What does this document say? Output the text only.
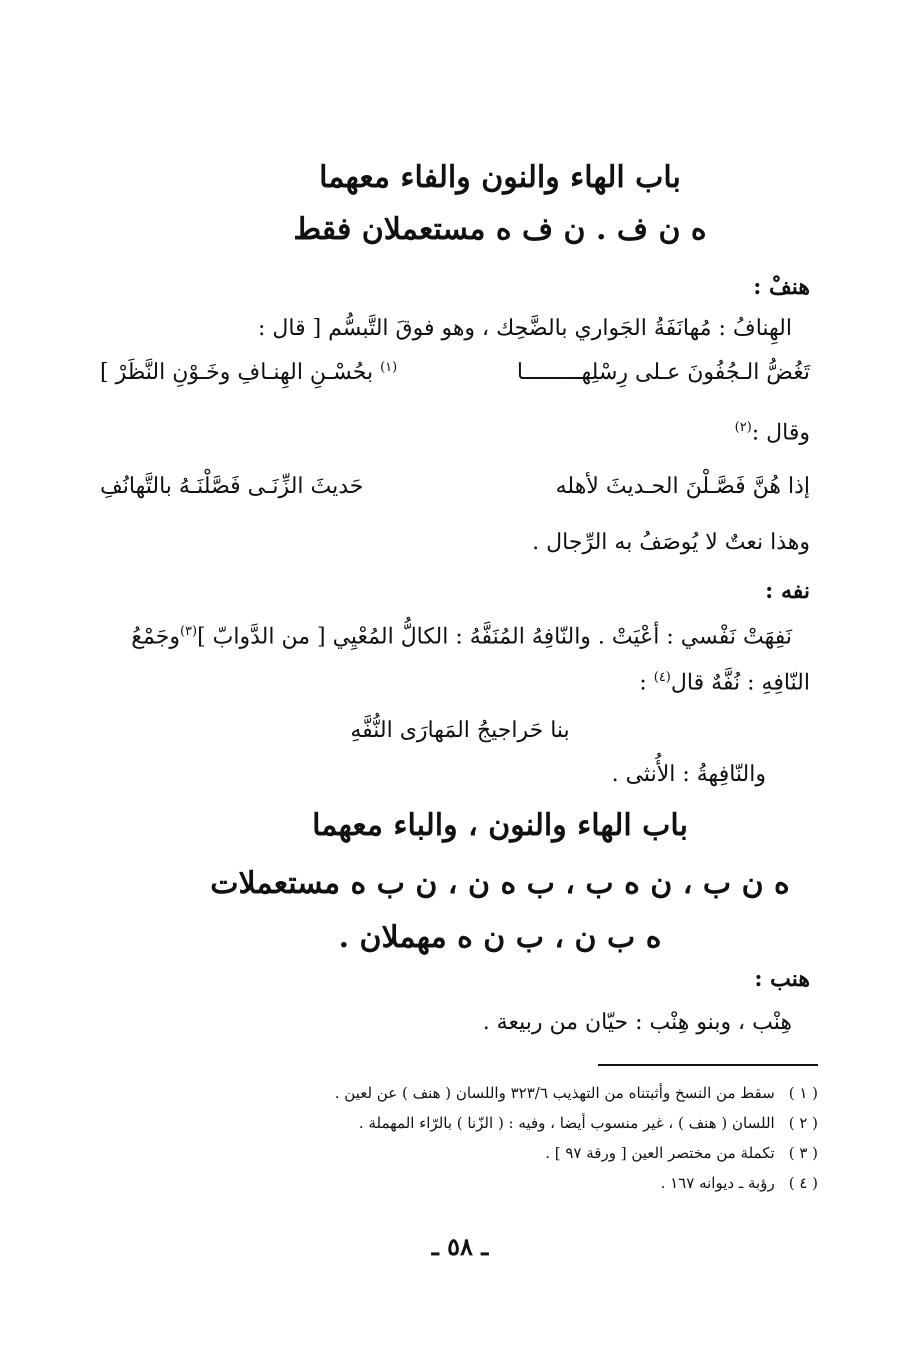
باب الهاء والنون والفاء معهما
ه ن ف . ن ف ه مستعملان فقط
هنفْ :
الهِنافُ : مُهانَفَةُ الجَواري بالضَّحِك ، وهو فوقَ التَّبسُّم [ قال :
تَغُضُّ الـجُفُونَ عـلى رِسْلِهـــــــــا
$^{(١)}$ بحُسْـنِ الهِنـافِ وخَـوْنِ النَّظَرْ ]
وقال :$^{(٢)}$
إذا هُنَّ فَصَّـلْنَ الحـديثَ لأهله
حَديثَ الزِّنَـى فَصَّلْنَـهُ بالتَّهانُفِ
وهذا نعتٌ لا يُوصَفُ به الرِّجال .
نفه :
نَفِهَتْ نَفْسي : أعْيَتْ . والنّافِهُ المُنَفَّهُ : الكالُّ المُعْيِي [ من الدَّوابّ ]$^{(٣)}$وجَمْعُ
النّافِهِ : نُفَّهٌ قال$^{(٤)}$ :
بنا حَراجيجُ المَهارَى النُّفَّهِ
والنّافِهةُ : الأُنثى .
باب الهاء والنون ، والباء معهما
ه ن ب ، ن ه ب ، ب ه ن ، ن ب ه مستعملات
ه ب ن ، ب ن ه مهملان .
هنب :
هِنْب ، وبنو هِنْب : حيّان من ربيعة .
( ١ )سقط من النسخ وأثبتناه من التهذيب ٣٢٣/٦ واللسان ( هنف ) عن لعين .
( ٢ )اللسان ( هنف ) ، غير منسوب أيضا ، وفيه : ( الزّنا ) بالرّاء المهملة .
( ٣ )تكملة من مختصر العين [ ورقة ٩٧ ] .
( ٤ )رؤبة ـ ديوانه ١٦٧ .
ـ ٥٨ ـ
